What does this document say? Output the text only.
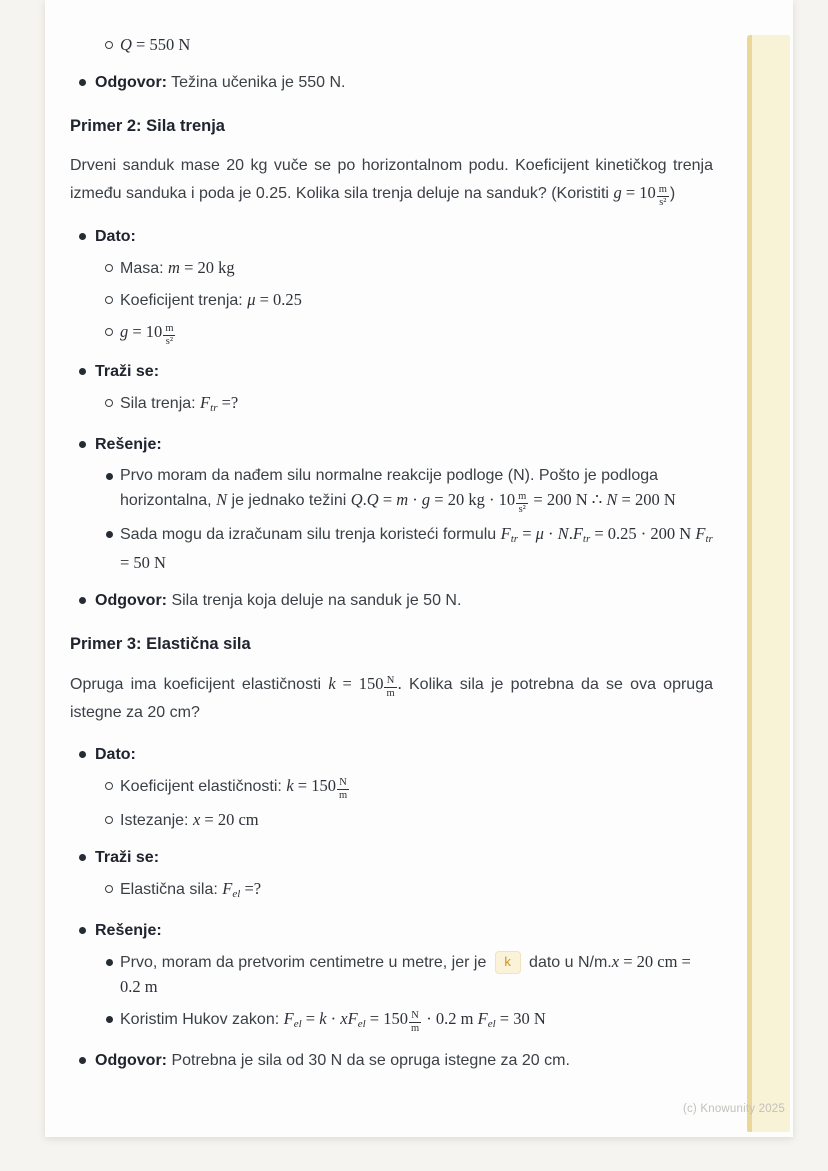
Q = 550 N
Odgovor: Težina učenika je 550 N.
Primer 2: Sila trenja

Drveni sanduk mase 20 kg vuče se po horizontalnom podu. Koeficijent kinetičkog trenja između sanduka i poda je 0.25. Kolika sila trenja deluje na sanduk? (Koristiti $g = 10 \frac{m}{\text{s²}}$ )

Dato:
Masa: m = 20 kg
Koeficijent trenja: μ = 0.25
$g = 10 \frac{m}{\text{s²}}$
Traži se:
Sila trenja: $F_{tr}$ =?
Rešenje:
Prvo moram da nađem silu normalne reakcije podloge (N). Pošto je podloga horizontalna, N je jednako težini Q.Q = m · g = 20 kg · $10 \frac{m}{\text{s²}} = 200$ N ∴ N = 200 N
Sada mogu da izračunam silu trenja koristeći formulu $F_{tr} = \mu \cdot N.F_{tr} = 0.25 \cdot 200$ N $F_{tr} = 50$ N
Odgovor: Sila trenja koja deluje na sanduk je 50 N.
Primer 3: Elastična sila

Opruga ima koeficijent elastičnosti $k = 150 \frac{N}{m}$ . Kolika sila je potrebna da se ova opruga istegne za 20 cm?

Dato:
Koeficijent elastičnosti: $k = 150 \frac{N}{m}$
Istezanje: x = 20 cm
Traži se:
Elastična sila: $F_{el}$ =?
Rešenje:
Prvo, moram da pretvorim centimetre u metre, jer je k dato u N/m.x = 20 cm = 0.2 m
Koristim Hukov zakon: $F_{el} = k \cdot xF_{el} = 150 \frac{N}{m} \cdot 0.2$ m $F_{el} = 30$ N
Odgovor: Potrebna je sila od 30 N da se opruga istegne za 20 cm.
(c) Knowunity 2025
